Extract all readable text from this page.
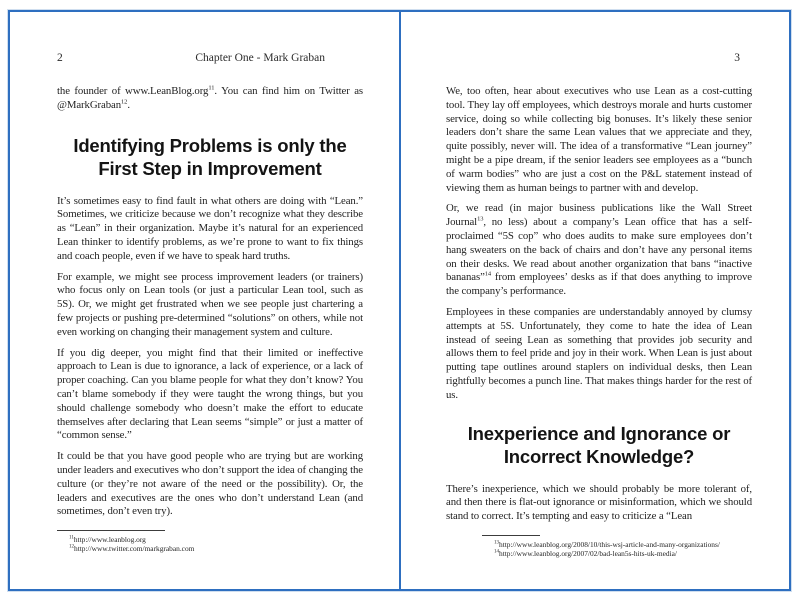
2	Chapter One - Mark Graban

the founder of www.LeanBlog.org$^{11}$. You can find him on Twitter as @MarkGraban$^{12}$.

Identifying Problems is only the First Step in Improvement

It’s sometimes easy to find fault in what others are doing with “Lean.” Sometimes, we criticize because we don’t recognize what they describe as “Lean” in their organization. Maybe it’s natural for an experienced Lean thinker to identify problems, as we’re prone to want to fix things and coach people, even if we have to speak hard truths.

For example, we might see process improvement leaders (or trainers) who focus only on Lean tools (or just a particular Lean tool, such as 5S). Or, we might get frustrated when we see people just chartering a few projects or pushing pre-determined “solutions” on others, while not even working on changing their management system and culture.

If you dig deeper, you might find that their limited or ineffective approach to Lean is due to ignorance, a lack of experience, or a lack of proper coaching. Can you blame people for what they don’t know? You can’t blame somebody if they were taught the wrong things, but you should challenge somebody who doesn’t make the effort to educate themselves after declaring that Lean seems “simple” or just a matter of “common sense.”

It could be that you have good people who are trying but are working under leaders and executives who don’t support the idea of changing the culture (or they’re not aware of the need or the possibility). Or, the leaders and executives are the ones who don’t understand Lean (and sometimes, don’t even try).

$^{11}$http://www.leanblog.org
$^{12}$http://www.twitter.com/markgraban.com
3

We, too often, hear about executives who use Lean as a cost-cutting tool. They lay off employees, which destroys morale and hurts customer service, doing so while collecting big bonuses. It’s likely these senior leaders don’t share the same Lean values that we appreciate and they, quite possibly, never will. The idea of a transformative “Lean journey” might be a pipe dream, if the senior leaders see employees as a “bunch of warm bodies” who are just a cost on the P&L statement instead of viewing them as human beings to partner with and develop.

Or, we read (in major business publications like the Wall Street Journal$^{13}$, no less) about a company’s Lean office that has a self-proclaimed “5S cop” who does audits to make sure employees don’t hang sweaters on the back of chairs and don’t have any personal items on their desks. We read about another organization that bans “inactive bananas”$^{14}$ from employees’ desks as if that does anything to improve the company’s performance.

Employees in these companies are understandably annoyed by clumsy attempts at 5S. Unfortunately, they come to hate the idea of Lean instead of seeing Lean as something that provides job security and allows them to feel pride and joy in their work. When Lean is just about putting tape outlines around staplers on individual desks, then Lean rightfully becomes a punch line. That makes things harder for the rest of us.

Inexperience and Ignorance or Incorrect Knowledge?

There’s inexperience, which we should probably be more tolerant of, and then there is flat-out ignorance or misinformation, which we should stand to correct. It’s tempting and easy to criticize a “Lean

$^{13}$http://www.leanblog.org/2008/10/this-wsj-article-and-many-organizations/
$^{14}$http://www.leanblog.org/2007/02/bad-lean5s-hits-uk-media/
